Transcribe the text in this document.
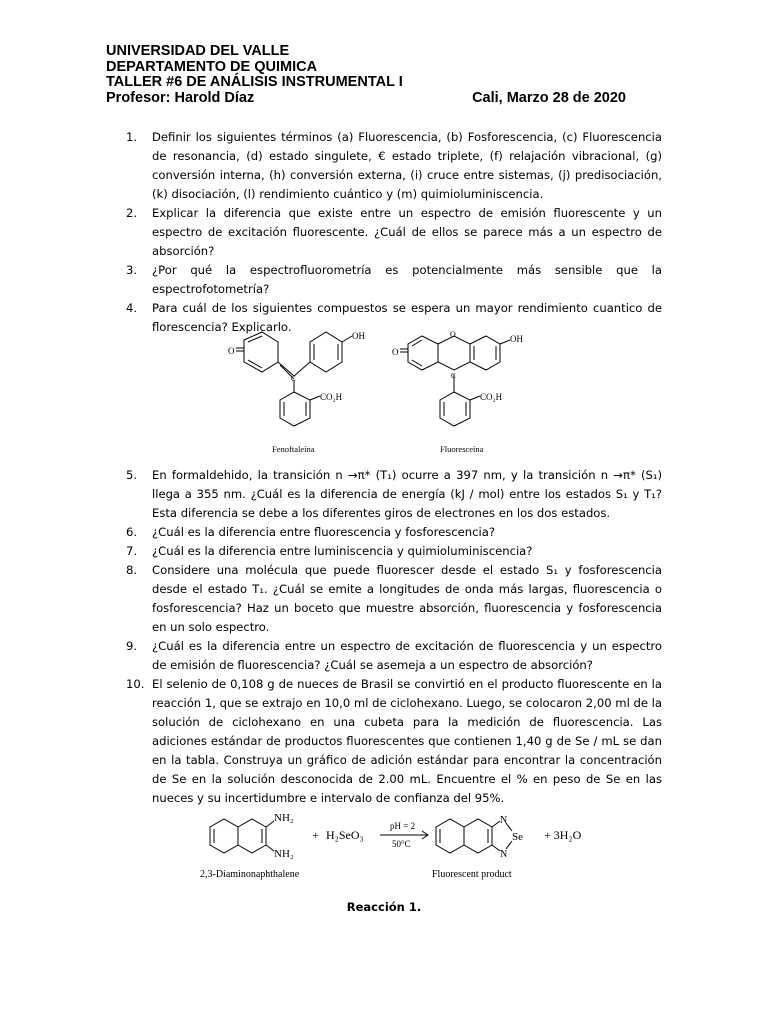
UNIVERSIDAD DEL VALLE
DEPARTAMENTO DE QUIMICA
TALLER #6 DE ANÁLISIS INSTRUMENTAL I
Profesor: Harold Díaz	Cali, Marzo 28 de 2020
1.	Definir los siguientes términos (a) Fluorescencia, (b) Fosforescencia, (c) Fluorescencia de resonancia, (d) estado singulete, € estado triplete, (f) relajación vibracional, (g) conversión interna, (h) conversión externa, (i) cruce entre sistemas, (j) predisociación, (k) disociación, (l) rendimiento cuántico y (m) quimioluminiscencia.
2.	Explicar la diferencia que existe entre un espectro de emisión fluorescente y un espectro de excitación fluorescente. ¿Cuál de ellos se parece más a un espectro de absorción?
3.	¿Por qué la espectrofluorometría es potencialmente más sensible que la espectrofotometría?
4.	Para cuál de los siguientes compuestos se espera un mayor rendimiento cuantico de florescencia? Explicarlo.
O
OH
C
CO₂H
Fenoftaleína
O
O	OH
C
CO₂H
Fluoresceína
5.	En formaldehido, la transición n →π* (T₁) ocurre a 397 nm, y la transición n →π* (S₁) llega a 355 nm. ¿Cuál es la diferencia de energía (kJ / mol) entre los estados S₁ y T₁? Esta diferencia se debe a los diferentes giros de electrones en los dos estados.
6.	¿Cuál es la diferencia entre fluorescencia y fosforescencia?
7.	¿Cuál es la diferencia entre luminiscencia y quimioluminiscencia?
8.	Considere una molécula que puede fluorescer desde el estado S₁ y fosforescencia desde el estado T₁. ¿Cuál se emite a longitudes de onda más largas, fluorescencia o fosforescencia? Haz un boceto que muestre absorción, fluorescencia y fosforescencia en un solo espectro.
9.	¿Cuál es la diferencia entre un espectro de excitación de fluorescencia y un espectro de emisión de fluorescencia? ¿Cuál se asemeja a un espectro de absorción?
10. El selenio de 0,108 g de nueces de Brasil se convirtió en el producto fluorescente en la reacción 1, que se extrajo en 10,0 ml de ciclohexano. Luego, se colocaron 2,00 ml de la solución de ciclohexano en una cubeta para la medición de fluorescencia. Las adiciones estándar de productos fluorescentes que contienen 1,40 g de Se / mL se dan en la tabla. Construya un gráfico de adición estándar para encontrar la concentración de Se en la solución desconocida de 2.00 mL. Encuentre el % en peso de Se en las nueces y su incertidumbre e intervalo de confianza del 95%.
NH₂
NH₂
+ H₂SeO₃
pH = 2
50°C
N
N
Se + 3H₂O
2,3-Diaminonaphthalene	Fluorescent product
Reacción 1.
